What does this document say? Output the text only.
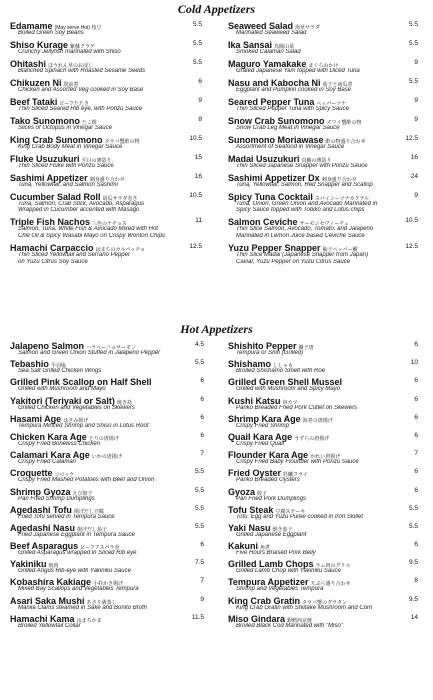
Cold Appetizers
Edamame (May serve Hot) 枝豆	5.5
Boiled Green Soy Beans
Shiso Kurage 紫蘇クラゲ	5.5
Crunchy Jellyfish marinated with Shiso
Ohitashi ほうれん草のお浸し	5.5
Blanched Spinach with Roasted Sesame Seeds
Chikuzen Ni 筑前煮	6
Chicken and Assorted Veg cooked in Soy Base
Beef Tataki ビーフたたき	9
Thin Sliced Seared Rib eye, with Ponzu Sauce
Tako Sunomono たこ酢	8
Slices of Octopus in Vinegar Sauce
King Crab Sunomono タラバ蟹酢の物	10.5
King Crab Body Meat in Vinegar Sauce
Fluke Usuzukuri 平目の薄造り	15
Thin Sliced Fluke with Ponzu Sauce
Sashimi Appetizer 刺身盛り合わせ	16
Tuna, Yellowtail, and Salmon Sashimi
Cucumber Salad Roll 胡瓜サラダ巻き	10.5
Tuna, Salmon, Crab Stick, Avocado, Asparagus
Wrapped in Cucumber accented with Masago
Triple Fish Nachos 三色のナチョス	11
Salmon, Tuna, White Fish & Avocado Mixed with Hot
Chili Oil & Spicy Wasabi Mayo on Crispy Wonton Chips
Hamachi Carpaccio はまちのカルパッチョ	12.5
Thin Sliced Yellowtail and Serrano Pepper
on Yuzu Citrus Soy Sauce
Seaweed Salad 海草サラダ	5.5
Marinated Seaweed Salad
Ika Sansai 烏賊山菜	5.5
Smoked Calamari Salad
Maguro Yamakake まぐろ山かけ	9
Grated Japanese Yam topped with Diced Tuna
Nasu and Kabocha Ni 茄子と南瓜煮	5.5
Eggplant and Pumpkin cooked in Soy Base
Seared Pepper Tuna ペッパーツナ	9
Thin Sliced Pepper Tuna with Spicy Sauce
Snow Crab Sunomono ズワイ蟹酢の物	9
Snow Crab Leg Meat in Vinegar Sauce
Sunomono Moriawase 酢の物盛り合わせ	12.5
Assortment of Seafood in Vinegar Sauce
Madai Usuzukuri 真鯛の薄造り	16
Thin Sliced Japanese Snapper with Ponzu Sauce
Sashimi Appetizer Dx 刺身盛り合わせ	24
Tuna, Yellowtail, Salmon, Red Snapper and Scallop
Spicy Tuna Cocktail スパイシーツナカクテル	9
Tuna, Onion, Green Onion and Avocado Marinated in
Spicy Sauce topped with Tobiko and Lotus chips
Salmon Ceviche サーモンセヴィーチェ	10.5
Thin Slice Salmon, Avocado, Tomato, and Jalapeno
Marinated in Lemon Juice based Ceviche Sauce
Yuzu Pepper Snapper 柚子ペッパー鯛	12.5
Thin Slice Madai (Japanese Snapper from Japan)
Caviar, Yuzu Pepper on Yuzu Citrus Sauce
Hot Appetizers
Jalapeno Salmon ハラペーニョサーモン	4.5
Salmon and Green Onion Stuffed in Jalapeno Pepper
Tebashio 手羽塩	5.5
Sea Salt Grilled Chicken Wings
Grilled Pink Scallop on Half Shell	6
Grilled with Mushroom and Mayo
Yakitori (Teriyaki or Salt) 焼き鳥	6
Grilled Chicken and Vegetables on Skewers
Hasami Age はさみ揚げ	6
Tempura Minced Shrimp and Shiso in Lotus Root
Chicken Kara Age とりの唐揚げ	6
Crispy Fried Boneless Chicken
Calamari Kara Age いかの唐揚げ	7
Crispy Fried Calamari
Croquette コロッケ	5.5
Crispy Fried Mashed Potatoes with Beef and Onion
Shrimp Gyoza えび餃子	5.5
Pan Fried Shrimp Dumplings
Agedashi Tofu 揚げだし豆腐	5.5
Fried Tofu served in Tempura Sauce
Agedashi Nasu 揚げだし茄子	5.5
Fried Japanese Eggplant in Tempura Sauce
Beef Asparagus ビーフアスパラ巻	6
Grilled Asparagus wrapped in Sliced Rib eye
Yakiniku 焼肉	7.5
Grilled Angus Rib-eye with Yakiniku Sauce
Kobashira Kakiage 小柱かき揚げ	7
Mixed Bay Scallops and Vegetables Tempura
Asari Saka Mushi あさり酒蒸し	9
Manila Clams steamed in Sake and Bonito Broth
Hamachi Kama はまちかま	11.5
Broiled Yellowtail Collar
Shishito Pepper 獅子唐	6
Tempura or Shio (Grilled)
Shishamo ししゃも	10
Broiled Shishamo Smelt with Roe
Grilled Green Shell Mussel	6
Grilled with Mushroom and Spicy Mayo
Kushi Katsu 串カツ	6
Panko Breaded Fried Pork Cutlet on Skewers
Shrimp Kara Age 海老の唐揚げ	6
Crispy Fried Shrimp
Quail Kara Age うずらの唐揚げ	6
Crispy Fried Quail
Flounder Kara Age かれい唐揚げ	7
Crispy Fried Baby Flounder with Ponzu Sauce
Fried Oyster 牡蠣フライ	6
Panko Breaded Oysters
Gyoza 餃子	6
Pan Fried Pork Dumplings
Tofu Steak 豆腐ステーキ	5.5
Tofu, Egg and Yuzu Puree cooked in Iron Skillet
Yaki Nasu 焼き茄子	5.5
Grilled Japanese Eggplant
Kakuni 角煮	6
Five Hours Braised Pork Belly
Grilled Lamb Chops ラム肉のグリル	9.5
Grilled Lamb Chop with Yakiniku Sauce
Tempura Appetizer 天ぷら盛り合わせ	8
Shrimp and Vegetables Tempura
King Crab Gratin タラバ蟹のグラタン	9.5
King Crab Gratin with Shiitake Mushroom and Corn
Miso Gindara 銀鱈西京焼	14
Broiled Black Cod Marinated with "Miso"
